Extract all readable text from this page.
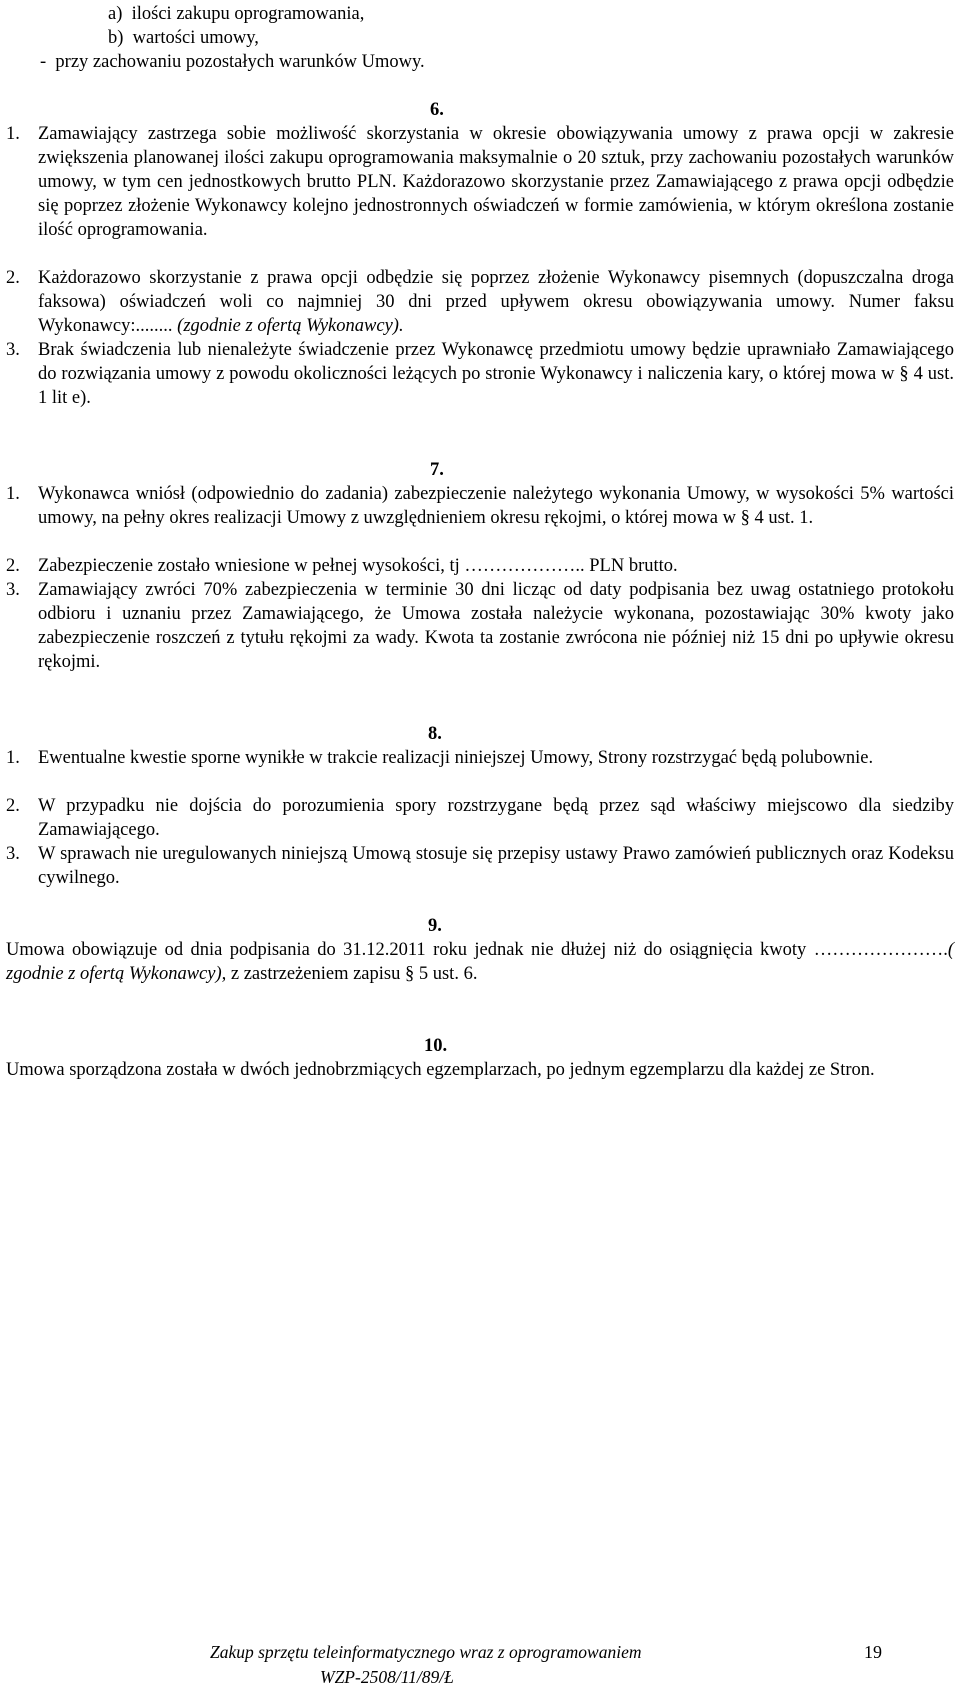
a)  ilości zakupu oprogramowania,
b)  wartości umowy,
-  przy zachowaniu pozostałych warunków Umowy.
6.
1. Zamawiający zastrzega sobie możliwość skorzystania w okresie obowiązywania umowy z prawa opcji w zakresie zwiększenia planowanej ilości zakupu oprogramowania maksymalnie o 20 sztuk, przy zachowaniu pozostałych warunków umowy, w tym cen jednostkowych brutto PLN. Każdorazowo skorzystanie przez Zamawiającego z prawa opcji odbędzie się poprzez złożenie Wykonawcy kolejno jednostronnych oświadczeń w formie zamówienia, w którym określona zostanie ilość oprogramowania.
2. Każdorazowo skorzystanie z prawa opcji odbędzie się poprzez złożenie Wykonawcy pisemnych (dopuszczalna droga faksowa) oświadczeń woli co najmniej 30 dni przed upływem okresu obowiązywania umowy. Numer faksu Wykonawcy:........ (zgodnie z ofertą Wykonawcy).
3. Brak świadczenia lub nienależyte świadczenie przez Wykonawcę przedmiotu umowy będzie uprawniało Zamawiającego do rozwiązania umowy z powodu okoliczności leżących po stronie Wykonawcy i naliczenia kary, o której mowa w § 4 ust. 1 lit e).
7.
1. Wykonawca wniósł (odpowiednio do zadania) zabezpieczenie należytego wykonania Umowy, w wysokości 5% wartości umowy, na pełny okres realizacji Umowy z uwzględnieniem okresu rękojmi, o której mowa w § 4 ust. 1.
2. Zabezpieczenie zostało wniesione w pełnej wysokości, tj ……………….. PLN brutto.
3. Zamawiający zwróci 70% zabezpieczenia w terminie 30 dni licząc od daty podpisania bez uwag ostatniego protokołu odbioru i uznaniu przez Zamawiającego, że Umowa została należycie wykonana, pozostawiając 30% kwoty jako zabezpieczenie roszczeń z tytułu rękojmi za wady. Kwota ta zostanie zwrócona nie później niż 15 dni po upływie okresu rękojmi.
8.
1. Ewentualne kwestie sporne wynikłe w trakcie realizacji niniejszej Umowy, Strony rozstrzygać będą polubownie.
2. W przypadku nie dojścia do porozumienia spory rozstrzygane będą przez sąd właściwy miejscowo dla siedziby Zamawiającego.
3. W sprawach nie uregulowanych niniejszą Umową stosuje się przepisy ustawy Prawo zamówień publicznych oraz Kodeksu cywilnego.
9.
Umowa obowiązuje od dnia podpisania do 31.12.2011 roku jednak nie dłużej niż do osiągnięcia kwoty ………………….( zgodnie z ofertą Wykonawcy), z zastrzeżeniem zapisu § 5 ust. 6.
10.
Umowa sporządzona została w dwóch jednobrzmiących egzemplarzach, po jednym egzemplarzu dla każdej ze Stron.
Zakup sprzętu teleinformatycznego wraz z oprogramowaniem
WZP-2508/11/89/Ł
19
